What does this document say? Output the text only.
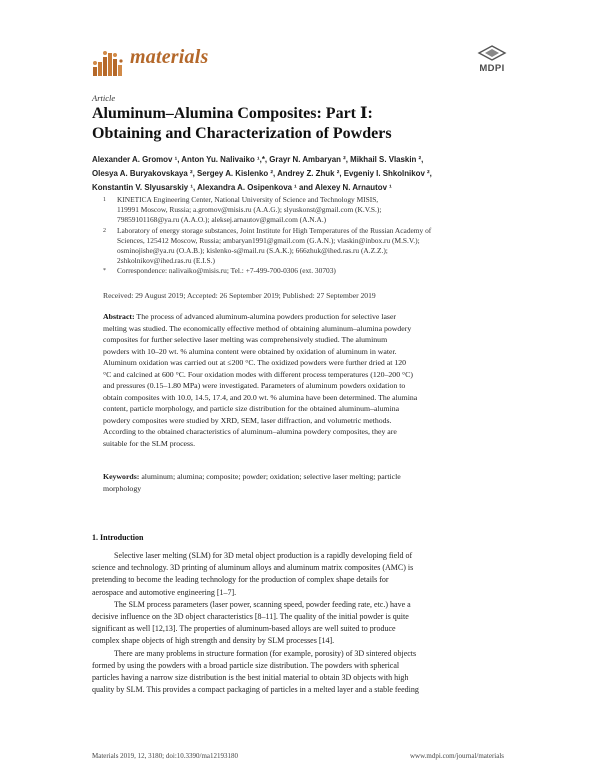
materials
MDPI
Article
Aluminum–Alumina Composites: Part Ⅰ:
Obtaining and Characterization of Powders
Alexander A. Gromov ¹, Anton Yu. Nalivaiko ¹,*, Grayr N. Ambaryan ², Mikhail S. Vlaskin ²,
Olesya A. Buryakovskaya ², Sergey A. Kislenko ², Andrey Z. Zhuk ², Evgeniy I. Shkolnikov ²,
Konstantin V. Slyusarskiy ¹, Alexandra A. Osipenkova ¹ and Alexey N. Arnautov ¹
1 KINETICA Engineering Center, National University of Science and Technology MISIS,
119991 Moscow, Russia; a.gromov@misis.ru (A.A.G.); slyuskonst@gmail.com (K.V.S.);
79859101168@ya.ru (A.A.O.); aleksej.arnautov@gmail.com (A.N.A.)
2 Laboratory of energy storage substances, Joint Institute for High Temperatures of the Russian Academy of
Sciences, 125412 Moscow, Russia; ambaryan1991@gmail.com (G.A.N.); vlaskin@inbox.ru (M.S.V.);
osminojishe@ya.ru (O.A.B.); kislenko-s@mail.ru (S.A.K.); 666zhuk@ihed.ras.ru (A.Z.Z.);
2shkolnikov@ihed.ras.ru (E.I.S.)
* Correspondence: nalivaiko@misis.ru; Tel.: +7-499-700-0306 (ext. 30703)
Received: 29 August 2019; Accepted: 26 September 2019; Published: 27 September 2019
Abstract: The process of advanced aluminum-alumina powders production for selective laser
melting was studied. The economically effective method of obtaining aluminum–alumina powdery
composites for further selective laser melting was comprehensively studied. The aluminum
powders with 10–20 wt. % alumina content were obtained by oxidation of aluminum in water.
Aluminum oxidation was carried out at ≤200 °C. The oxidized powders were further dried at 120
°C and calcined at 600 °C. Four oxidation modes with different process temperatures (120–200 °C)
and pressures (0.15–1.80 MPa) were investigated. Parameters of aluminum powders oxidation to
obtain composites with 10.0, 14.5, 17.4, and 20.0 wt. % alumina have been determined. The alumina
content, particle morphology, and particle size distribution for the obtained aluminum–alumina
powdery composites were studied by XRD, SEM, laser diffraction, and volumetric methods.
According to the obtained characteristics of aluminum–alumina powdery composites, they are
suitable for the SLM process.
Keywords: aluminum; alumina; composite; powder; oxidation; selective laser melting; particle
morphology
1. Introduction
Selective laser melting (SLM) for 3D metal object production is a rapidly developing field of
science and technology. 3D printing of aluminum alloys and aluminum matrix composites (AMC) is
pretending to become the leading technology for the production of complex shape details for
aerospace and automotive engineering [1–7].
The SLM process parameters (laser power, scanning speed, powder feeding rate, etc.) have a
decisive influence on the 3D object characteristics [8–11]. The quality of the initial powder is quite
significant as well [12,13]. The properties of aluminum-based alloys are well suited to produce
complex shape objects of high strength and density by SLM processes [14].
There are many problems in structure formation (for example, porosity) of 3D sintered objects
formed by using the powders with a broad particle size distribution. The powders with spherical
particles having a narrow size distribution is the best initial material to obtain 3D objects with high
quality by SLM. This provides a compact packaging of particles in a melted layer and a stable feeding
Materials 2019, 12, 3180; doi:10.3390/ma12193180	www.mdpi.com/journal/materials
